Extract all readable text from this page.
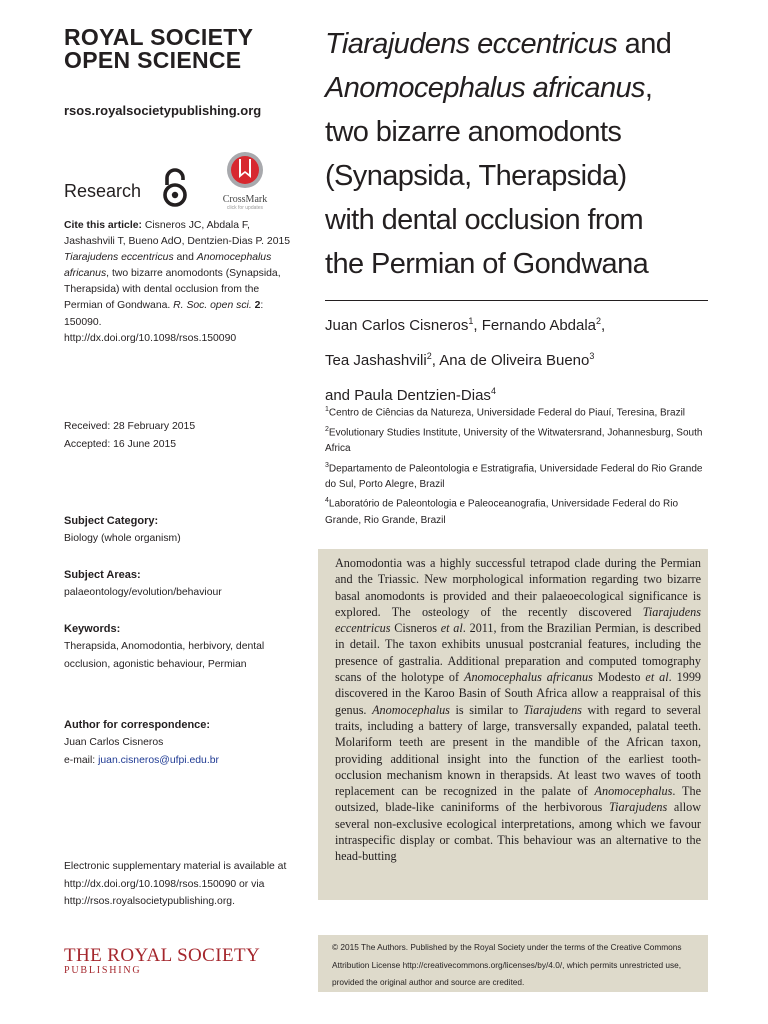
ROYAL SOCIETY
OPEN SCIENCE
rsos.royalsocietypublishing.org
Research	CrossMark
click for updates
Cite this article: Cisneros JC, Abdala F, Jashashvili T, Bueno AdO, Dentzien-Dias P. 2015 Tiarajudens eccentricus and Anomocephalus africanus, two bizarre anomodonts (Synapsida, Therapsida) with dental occlusion from the Permian of Gondwana. R. Soc. open sci. 2: 150090.
http://dx.doi.org/10.1098/rsos.150090
Received: 28 February 2015
Accepted: 16 June 2015
Subject Category:
Biology (whole organism)
Subject Areas:
palaeontology/evolution/behaviour
Keywords:
Therapsida, Anomodontia, herbivory, dental occlusion, agonistic behaviour, Permian
Author for correspondence:
Juan Carlos Cisneros
e-mail: juan.cisneros@ufpi.edu.br
Electronic supplementary material is available at http://dx.doi.org/10.1098/rsos.150090 or via http://rsos.royalsocietypublishing.org.
THE ROYAL SOCIETY
PUBLISHING
Tiarajudens eccentricus and
Anomocephalus africanus,
two bizarre anomodonts
(Synapsida, Therapsida)
with dental occlusion from
the Permian of Gondwana
Juan Carlos Cisneros$^1$, Fernando Abdala$^2$,
Tea Jashashvili$^2$, Ana de Oliveira Bueno$^3$
and Paula Dentzien-Dias$^4$
$^1$Centro de Ciências da Natureza, Universidade Federal do Piauí, Teresina, Brazil
$^2$Evolutionary Studies Institute, University of the Witwatersrand, Johannesburg, South Africa
$^3$Departamento de Paleontologia e Estratigrafia, Universidade Federal do Rio Grande do Sul, Porto Alegre, Brazil
$^4$Laboratório de Paleontologia e Paleoceanografia, Universidade Federal do Rio Grande, Rio Grande, Brazil
Anomodontia was a highly successful tetrapod clade during the Permian and the Triassic. New morphological information regarding two bizarre basal anomodonts is provided and their palaeoecological significance is explored. The osteology of the recently discovered Tiarajudens eccentricus Cisneros et al. 2011, from the Brazilian Permian, is described in detail. The taxon exhibits unusual postcranial features, including the presence of gastralia. Additional preparation and computed tomography scans of the holotype of Anomocephalus africanus Modesto et al. 1999 discovered in the Karoo Basin of South Africa allow a reappraisal of this genus. Anomocephalus is similar to Tiarajudens with regard to several traits, including a battery of large, transversally expanded, palatal teeth. Molariform teeth are present in the mandible of the African taxon, providing additional insight into the function of the earliest tooth-occlusion mechanism known in therapsids. At least two waves of tooth replacement can be recognized in the palate of Anomocephalus. The outsized, blade-like caniniforms of the herbivorous Tiarajudens allow several non-exclusive ecological interpretations, among which we favour intraspecific display or combat. This behaviour was an alternative to the head-butting
© 2015 The Authors. Published by the Royal Society under the terms of the Creative Commons Attribution License http://creativecommons.org/licenses/by/4.0/, which permits unrestricted use, provided the original author and source are credited.
